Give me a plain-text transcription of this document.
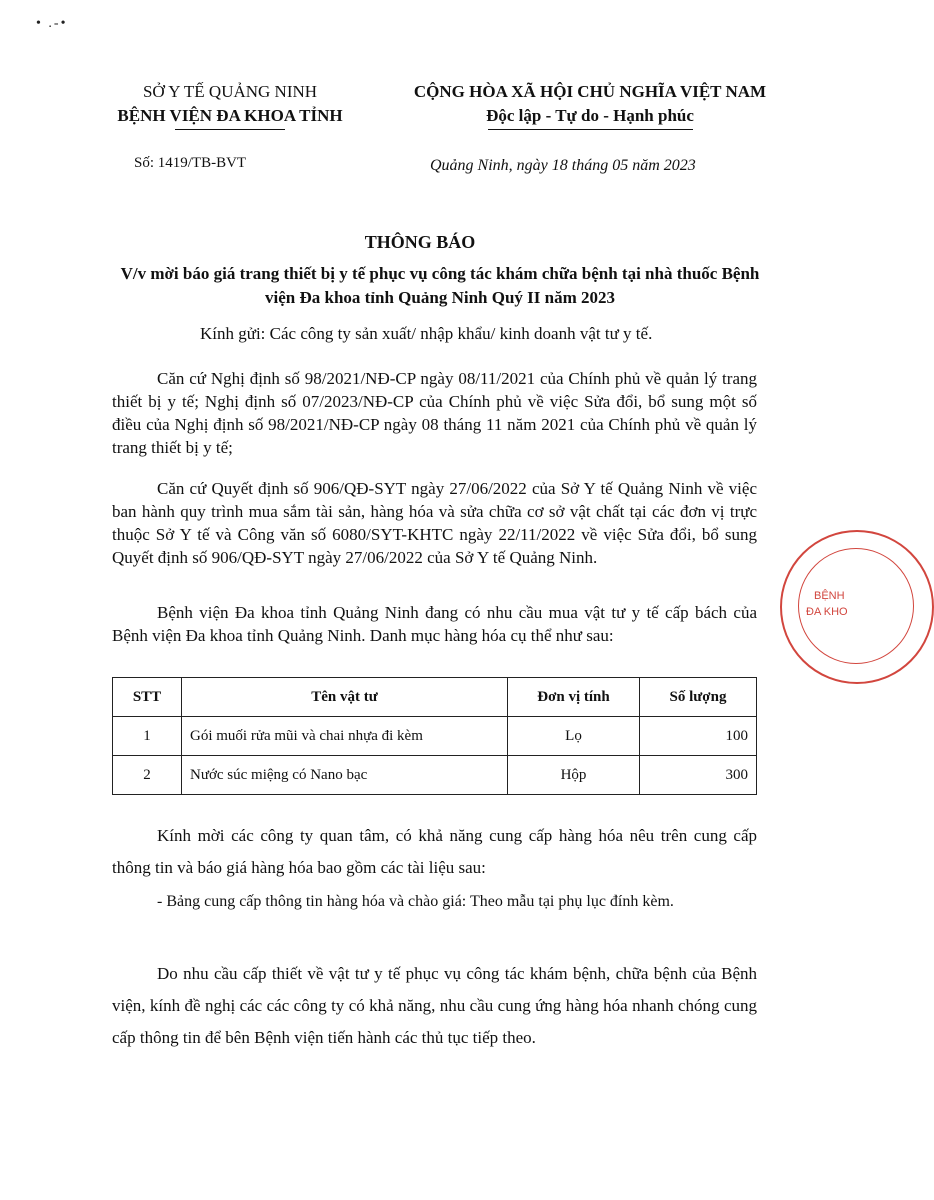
• .-•
SỞ Y TẾ QUẢNG NINH
BỆNH VIỆN ĐA KHOA TỈNH
CỘNG HÒA XÃ HỘI CHỦ NGHĨA VIỆT NAM
Độc lập - Tự do - Hạnh phúc
Số: 1419/TB-BVT	Quảng Ninh, ngày 18 tháng 05 năm 2023
THÔNG BÁO
V/v mời báo giá trang thiết bị y tế phục vụ công tác khám chữa bệnh tại nhà thuốc Bệnh viện Đa khoa tỉnh Quảng Ninh Quý II năm 2023
Kính gửi: Các công ty sản xuất/ nhập khẩu/ kinh doanh vật tư y tế.

Căn cứ Nghị định số 98/2021/NĐ-CP ngày 08/11/2021 của Chính phủ về quản lý trang thiết bị y tế; Nghị định số 07/2023/NĐ-CP của Chính phủ về việc Sửa đổi, bổ sung một số điều của Nghị định số 98/2021/NĐ-CP ngày 08 tháng 11 năm 2021 của Chính phủ về quản lý trang thiết bị y tế;

Căn cứ Quyết định số 906/QĐ-SYT ngày 27/06/2022 của Sở Y tế Quảng Ninh về việc ban hành quy trình mua sắm tài sản, hàng hóa và sửa chữa cơ sở vật chất tại các đơn vị trực thuộc Sở Y tế và Công văn số 6080/SYT-KHTC ngày 22/11/2022 về việc Sửa đổi, bổ sung Quyết định số 906/QĐ-SYT ngày 27/06/2022 của Sở Y tế Quảng Ninh.

Bệnh viện Đa khoa tỉnh Quảng Ninh đang có nhu cầu mua vật tư y tế cấp bách của Bệnh viện Đa khoa tỉnh Quảng Ninh. Danh mục hàng hóa cụ thể như sau:

STT	Tên vật tư	Đơn vị tính	Số lượng
1	Gói muối rửa mũi và chai nhựa đi kèm	Lọ	100
2	Nước súc miệng có Nano bạc	Hộp	300

Kính mời các công ty quan tâm, có khả năng cung cấp hàng hóa nêu trên cung cấp thông tin và báo giá hàng hóa bao gồm các tài liệu sau:

- Bảng cung cấp thông tin hàng hóa và chào giá: Theo mẫu tại phụ lục đính kèm.

Do nhu cầu cấp thiết về vật tư y tế phục vụ công tác khám bệnh, chữa bệnh của Bệnh viện, kính đề nghị các các công ty có khả năng, nhu cầu cung ứng hàng hóa nhanh chóng cung cấp thông tin để bên Bệnh viện tiến hành các thủ tục tiếp theo.

BỆNH
ĐA KHO
